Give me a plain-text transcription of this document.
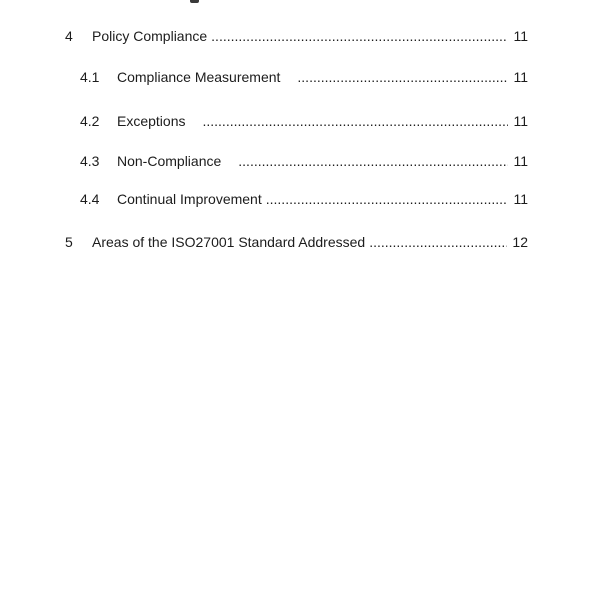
4	Policy Compliance .....	11
4.1	Compliance Measurement .....	11
4.2	Exceptions .....	11
4.3	Non-Compliance .....	11
4.4	Continual Improvement .....	11
5	Areas of the ISO27001 Standard Addressed .....	12
